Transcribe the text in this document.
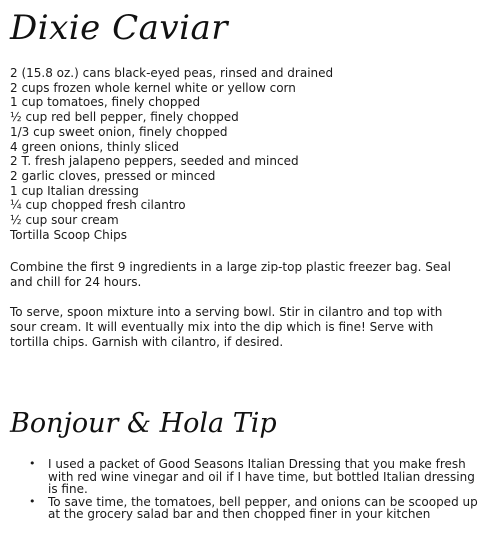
Dixie Caviar
2 (15.8 oz.) cans black-eyed peas, rinsed and drained
2 cups frozen whole kernel white or yellow corn
1 cup tomatoes, finely chopped
½ cup red bell pepper, finely chopped
1/3 cup sweet onion, finely chopped
4 green onions, thinly sliced
2 T. fresh jalapeno peppers, seeded and minced
2 garlic cloves, pressed or minced
1 cup Italian dressing
¼ cup chopped fresh cilantro
½ cup sour cream
Tortilla Scoop Chips

Combine the first 9 ingredients in a large zip-top plastic freezer bag. Seal and chill for 24 hours.

To serve, spoon mixture into a serving bowl. Stir in cilantro and top with sour cream. It will eventually mix into the dip which is fine! Serve with tortilla chips. Garnish with cilantro, if desired.

Bonjour & Hola Tip
• I used a packet of Good Seasons Italian Dressing that you make fresh with red wine vinegar and oil if I have time, but bottled Italian dressing is fine.
• To save time, the tomatoes, bell pepper, and onions can be scooped up at the grocery salad bar and then chopped finer in your kitchen
